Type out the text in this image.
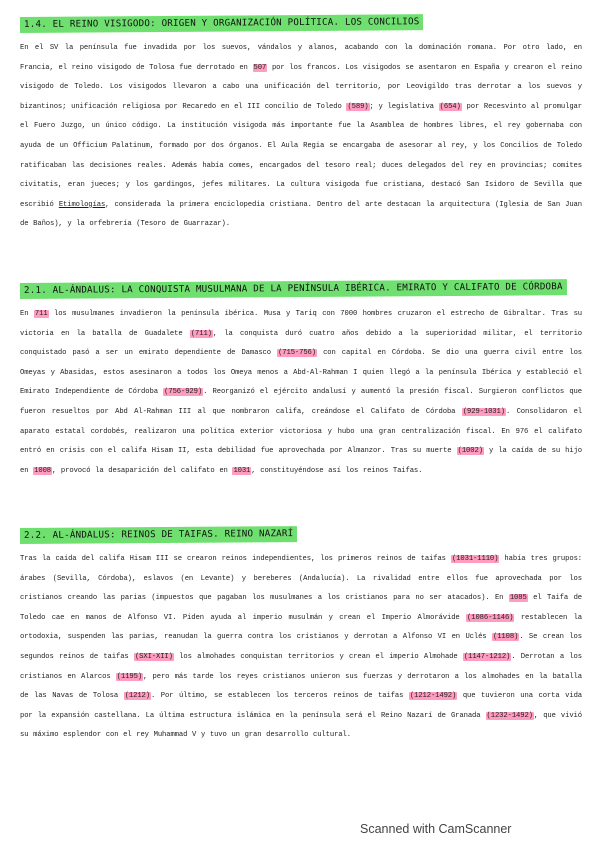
1.4. EL REINO VISIGODO: ORIGEN Y ORGANIZACIÓN POLÍTICA. LOS CONCILIOS

En el SV la península fue invadida por los suevos, vándalos y alanos, acabando con la dominación romana. Por otro lado, en Francia, el reino visigodo de Tolosa fue derrotado en 507 por los francos. Los visigodos se asentaron en España y crearon el reino visigodo de Toledo. Los visigodos llevaron a cabo una unificación del territorio, por Leovigildo tras derrotar a los suevos y bizantinos; unificación religiosa por Recaredo en el III concilio de Toledo (589); y legislativa (654) por Recesvinto al promulgar el Fuero Juzgo, un único código. La institución visigoda más importante fue la Asamblea de hombres libres, el rey gobernaba con ayuda de un Officium Palatinum, formado por dos órganos. El Aula Regia se encargaba de asesorar al rey, y los Concilios de Toledo ratificaban las decisiones reales. Además había comes, encargados del tesoro real; duces delegados del rey en provincias; comites civitatis, eran jueces; y los gardingos, jefes militares. La cultura visigoda fue cristiana, destacó San Isidoro de Sevilla que escribió Etimologías, considerada la primera enciclopedia cristiana. Dentro del arte destacan la arquitectura (Iglesia de San Juan de Baños), y la orfebrería (Tesoro de Guarrazar).

2.1. AL-ÁNDALUS: LA CONQUISTA MUSULMANA DE LA PENÍNSULA IBÉRICA. EMIRATO Y CALIFATO DE CÓRDOBA

En 711 los musulmanes invadieron la península ibérica. Musa y Tariq con 7000 hombres cruzaron el estrecho de Gibraltar. Tras su victoria en la batalla de Guadalete (711), la conquista duró cuatro años debido a la superioridad militar, el territorio conquistado pasó a ser un emirato dependiente de Damasco (715-756) con capital en Córdoba. Se dio una guerra civil entre los Omeyas y Abasidas, estos asesinaron a todos los Omeya menos a Abd-Al-Rahman I quien llegó a la península Ibérica y estableció el Emirato Independiente de Córdoba (756-929). Reorganizó el ejército andalusí y aumentó la presión fiscal. Surgieron conflictos que fueron resueltos por Abd Al-Rahman III al que nombraron califa, creándose el Califato de Córdoba (929-1031). Consolidaron el aparato estatal cordobés, realizaron una política exterior victoriosa y hubo una gran centralización fiscal. En 976 el califato entró en crisis con el califa Hisam II, esta debilidad fue aprovechada por Almanzor. Tras su muerte (1002) y la caída de su hijo en 1008, provocó la desaparición del califato en 1031, constituyéndose así los reinos Taifas.

2.2. AL-ÁNDALUS: REINOS DE TAIFAS. REINO NAZARÍ

Tras la caída del califa Hisam III se crearon reinos independientes, los primeros reinos de taifas (1031-1110) había tres grupos: árabes (Sevilla, Córdoba), eslavos (en Levante) y bereberes (Andalucía). La rivalidad entre ellos fue aprovechada por los cristianos creando las parias (impuestos que pagaban los musulmanes a los cristianos para no ser atacados). En 1085 el Taifa de Toledo cae en manos de Alfonso VI. Piden ayuda al imperio musulmán y crean el Imperio Almorávide (1086-1146) restablecen la ortodoxia, suspenden las parias, reanudan la guerra contra los cristianos y derrotan a Alfonso VI en Uclés (1108). Se crean los segundos reinos de taifas (SXI-XII) los almohades conquistan territorios y crean el imperio Almohade (1147-1212). Derrotan a los cristianos en Alarcos (1195), pero más tarde los reyes cristianos unieron sus fuerzas y derrotaron a los almohades en la batalla de las Navas de Tolosa (1212). Por último, se establecen los terceros reinos de taifas (1212-1492) que tuvieron una corta vida por la expansión castellana. La última estructura islámica en la península será el Reino Nazarí de Granada (1232-1492), que vivió su máximo esplendor con el rey Muhammad V y tuvo un gran desarrollo cultural.

Scanned with CamScanner
